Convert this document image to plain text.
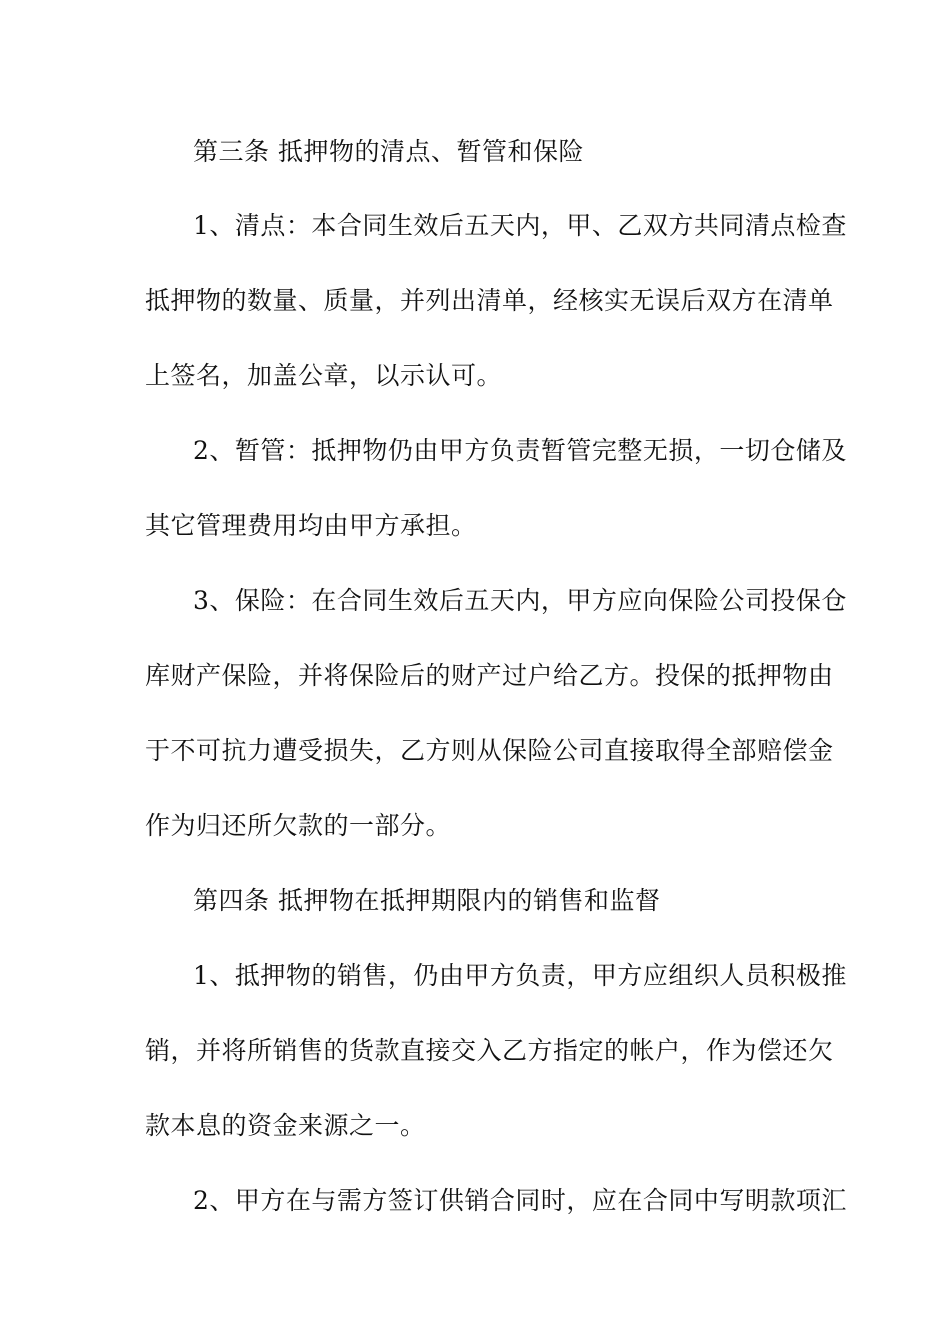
第三条 抵押物的清点、暂管和保险
1、清点：本合同生效后五天内，甲、乙双方共同清点检查
抵押物的数量、质量，并列出清单，经核实无误后双方在清单
上签名，加盖公章，以示认可。
2、暂管：抵押物仍由甲方负责暂管完整无损，一切仓储及
其它管理费用均由甲方承担。
3、保险：在合同生效后五天内，甲方应向保险公司投保仓
库财产保险，并将保险后的财产过户给乙方。投保的抵押物由
于不可抗力遭受损失，乙方则从保险公司直接取得全部赔偿金
作为归还所欠款的一部分。
第四条 抵押物在抵押期限内的销售和监督
1、抵押物的销售，仍由甲方负责，甲方应组织人员积极推
销，并将所销售的货款直接交入乙方指定的帐户，作为偿还欠
款本息的资金来源之一。
2、甲方在与需方签订供销合同时，应在合同中写明款项汇
